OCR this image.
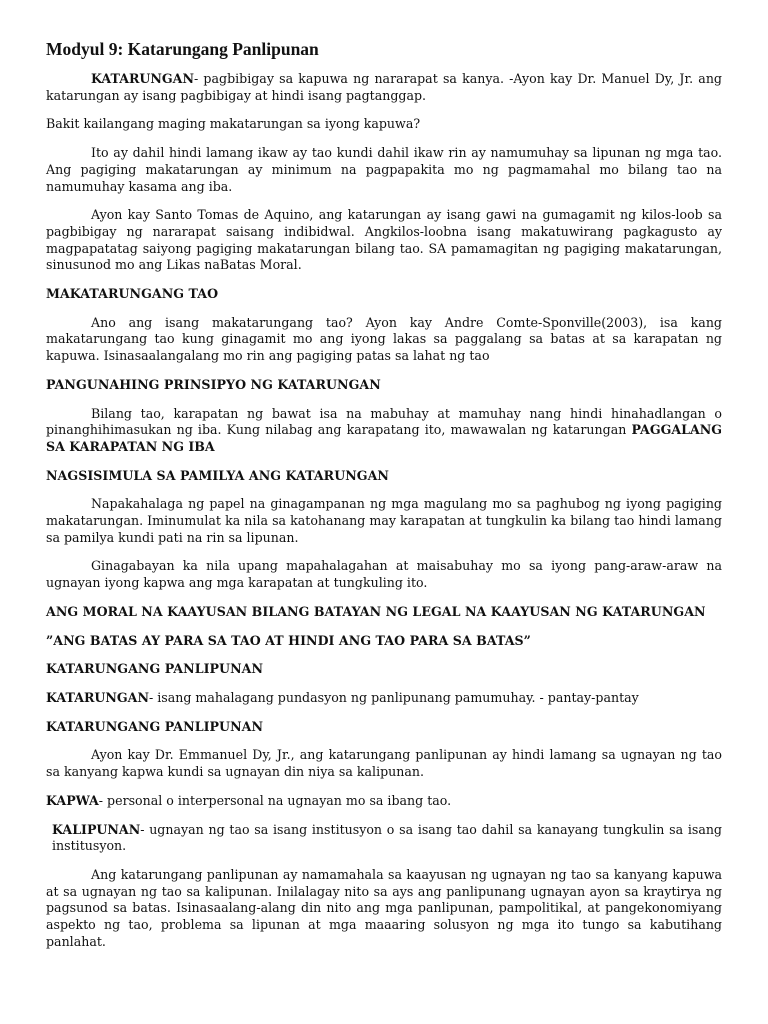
Modyul 9: Katarungang Panlipunan

KATARUNGAN- pagbibigay sa kapuwa ng nararapat sa kanya. -Ayon kay Dr. Manuel Dy, Jr. ang katarungan ay isang pagbibigay at hindi isang pagtanggap.

Bakit kailangang maging makatarungan sa iyong kapuwa?

Ito ay dahil hindi lamang ikaw ay tao kundi dahil ikaw rin ay namumuhay sa lipunan ng mga tao. Ang pagiging makatarungan ay minimum na pagpapakita mo ng pagmamahal mo bilang tao na namumuhay kasama ang iba.

Ayon kay Santo Tomas de Aquino, ang katarungan ay isang gawi na gumagamit ng kilos-loob sa pagbibigay ng nararapat saisang indibidwal. Angkilos-loobna isang makatuwirang pagkagusto ay magpapatatag saiyong pagiging makatarungan bilang tao. SA pamamagitan ng pagiging makatarungan, sinusunod mo ang Likas naBatas Moral.

MAKATARUNGANG TAO

Ano ang isang makatarungang tao? Ayon kay Andre Comte-Sponville(2003), isa kang makatarungang tao kung ginagamit mo ang iyong lakas sa paggalang sa batas at sa karapatan ng kapuwa. Isinasaalangalang mo rin ang pagiging patas sa lahat ng tao

PANGUNAHING PRINSIPYO NG KATARUNGAN

Bilang tao, karapatan ng bawat isa na mabuhay at mamuhay nang hindi hinahadlangan o pinanghihimasukan ng iba. Kung nilabag ang karapatang ito, mawawalan ng katarungan PAGGALANG SA KARAPATAN NG IBA

NAGSISIMULA SA PAMILYA ANG KATARUNGAN

Napakahalaga ng papel na ginagampanan ng mga magulang mo sa paghubog ng iyong pagiging makatarungan. Iminumulat ka nila sa katohanang may karapatan at tungkulin ka bilang tao hindi lamang sa pamilya kundi pati na rin sa lipunan.

Ginagabayan ka nila upang mapahalagahan at maisabuhay mo sa iyong pang-araw-araw na ugnayan iyong kapwa ang mga karapatan at tungkuling ito.

ANG MORAL NA KAAYUSAN BILANG BATAYAN NG LEGAL NA KAAYUSAN NG KATARUNGAN
”ANG BATAS AY PARA SA TAO AT HINDI ANG TAO PARA SA BATAS”
KATARUNGANG PANLIPUNAN

KATARUNGAN- isang mahalagang pundasyon ng panlipunang pamumuhay. - pantay-pantay

KATARUNGANG PANLIPUNAN

Ayon kay Dr. Emmanuel Dy, Jr., ang katarungang panlipunan ay hindi lamang sa ugnayan ng tao sa kanyang kapwa kundi sa ugnayan din niya sa kalipunan.

KAPWA- personal o interpersonal na ugnayan mo sa ibang tao.

KALIPUNAN- ugnayan ng tao sa isang institusyon o sa isang tao dahil sa kanayang tungkulin sa isang institusyon.

Ang katarungang panlipunan ay namamahala sa kaayusan ng ugnayan ng tao sa kanyang kapuwa at sa ugnayan ng tao sa kalipunan. Inilalagay nito sa ays ang panlipunang ugnayan ayon sa kraytirya ng pagsunod sa batas. Isinasaalang-alang din nito ang mga panlipunan, pampolitikal, at pangekonomiyang aspekto ng tao, problema sa lipunan at mga maaaring solusyon ng mga ito tungo sa kabutihang panlahat.
